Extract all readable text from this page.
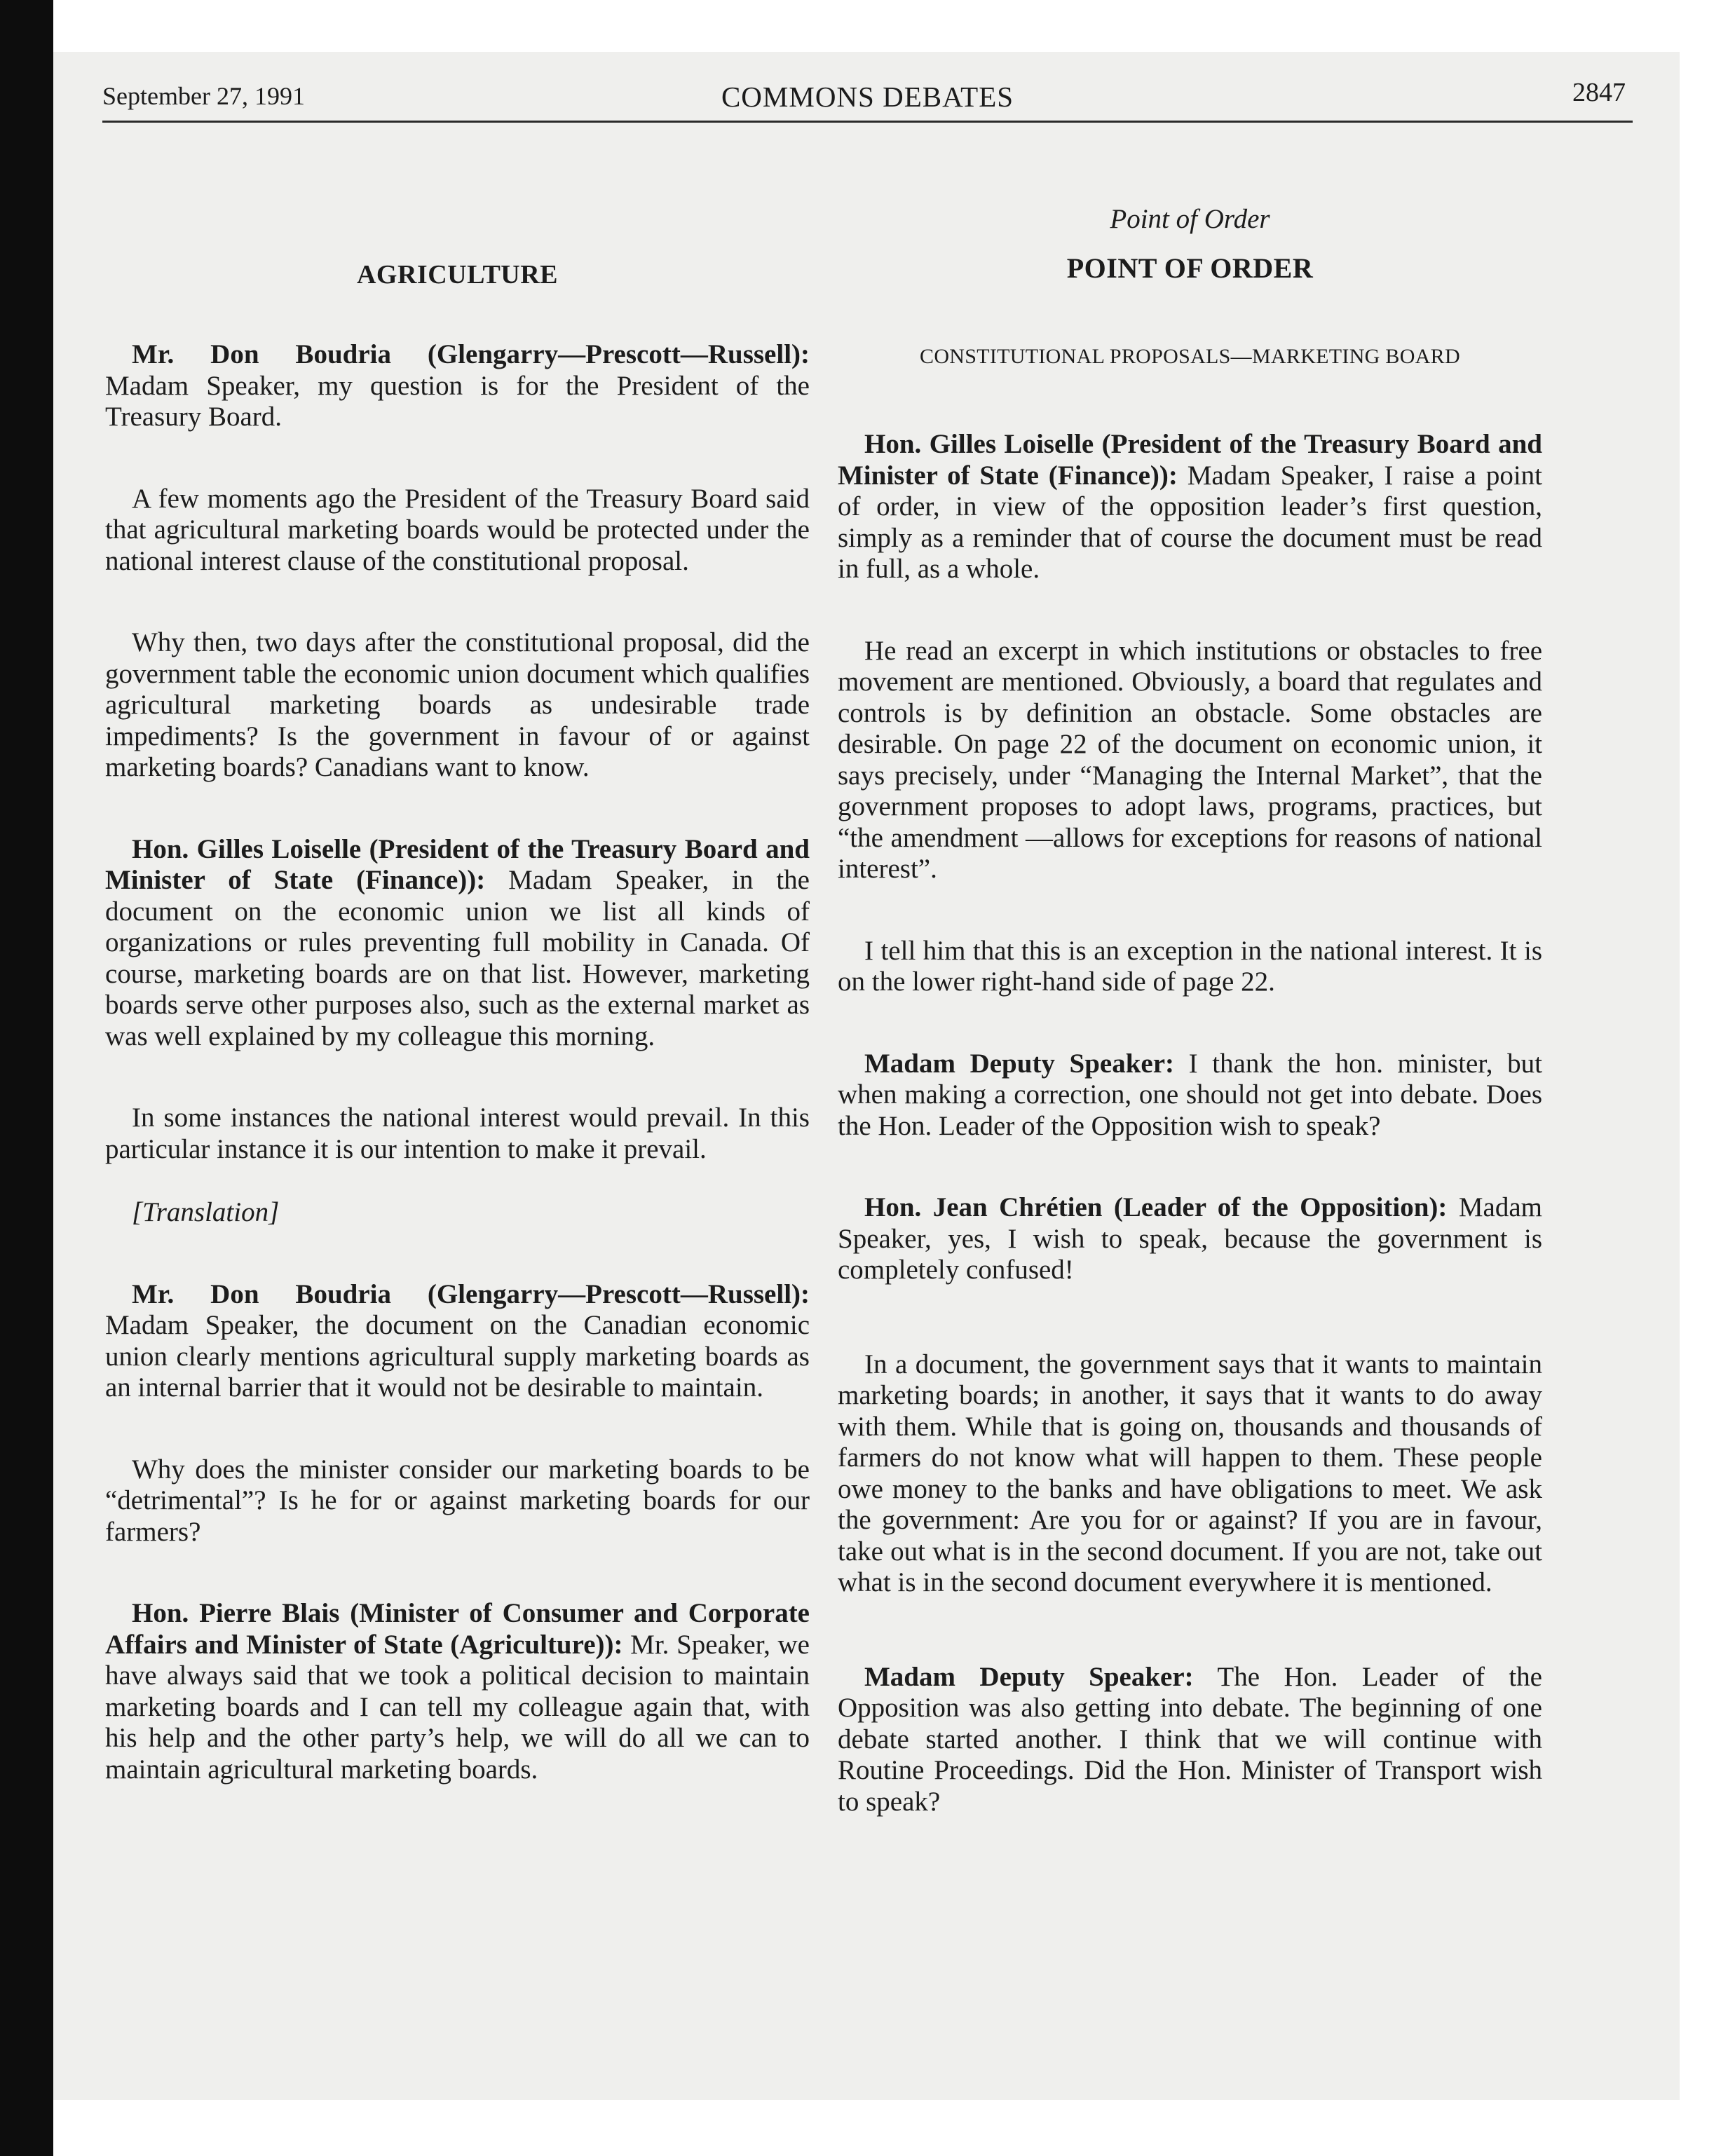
September 27, 1991	COMMONS DEBATES	2847
AGRICULTURE

Mr. Don Boudria (Glengarry—Prescott—Russell): Madam Speaker, my question is for the President of the Treasury Board.

A few moments ago the President of the Treasury Board said that agricultural marketing boards would be protected under the national interest clause of the constitutional proposal.

Why then, two days after the constitutional proposal, did the government table the economic union document which qualifies agricultural marketing boards as undesirable trade impediments? Is the government in favour of or against marketing boards? Canadians want to know.

Hon. Gilles Loiselle (President of the Treasury Board and Minister of State (Finance)): Madam Speaker, in the document on the economic union we list all kinds of organizations or rules preventing full mobility in Canada. Of course, marketing boards are on that list. However, marketing boards serve other purposes also, such as the external market as was well explained by my colleague this morning.

In some instances the national interest would prevail. In this particular instance it is our intention to make it prevail.

[Translation]

Mr. Don Boudria (Glengarry—Prescott—Russell): Madam Speaker, the document on the Canadian economic union clearly mentions agricultural supply marketing boards as an internal barrier that it would not be desirable to maintain.

Why does the minister consider our marketing boards to be “detrimental”? Is he for or against marketing boards for our farmers?

Hon. Pierre Blais (Minister of Consumer and Corporate Affairs and Minister of State (Agriculture)): Mr. Speaker, we have always said that we took a political decision to maintain marketing boards and I can tell my colleague again that, with his help and the other party’s help, we will do all we can to maintain agricultural marketing boards.

Point of Order

POINT OF ORDER

CONSTITUTIONAL PROPOSALS—MARKETING BOARD

Hon. Gilles Loiselle (President of the Treasury Board and Minister of State (Finance)): Madam Speaker, I raise a point of order, in view of the opposition leader’s first question, simply as a reminder that of course the document must be read in full, as a whole.

He read an excerpt in which institutions or obstacles to free movement are mentioned. Obviously, a board that regulates and controls is by definition an obstacle. Some obstacles are desirable. On page 22 of the document on economic union, it says precisely, under “Managing the Internal Market”, that the government proposes to adopt laws, programs, practices, but “the amendment —allows for exceptions for reasons of national interest”.

I tell him that this is an exception in the national interest. It is on the lower right-hand side of page 22.

Madam Deputy Speaker: I thank the hon. minister, but when making a correction, one should not get into debate. Does the Hon. Leader of the Opposition wish to speak?

Hon. Jean Chrétien (Leader of the Opposition): Madam Speaker, yes, I wish to speak, because the government is completely confused!

In a document, the government says that it wants to maintain marketing boards; in another, it says that it wants to do away with them. While that is going on, thousands and thousands of farmers do not know what will happen to them. These people owe money to the banks and have obligations to meet. We ask the government: Are you for or against? If you are in favour, take out what is in the second document. If you are not, take out what is in the second document everywhere it is mentioned.

Madam Deputy Speaker: The Hon. Leader of the Opposition was also getting into debate. The beginning of one debate started another. I think that we will continue with Routine Proceedings. Did the Hon. Minister of Transport wish to speak?
